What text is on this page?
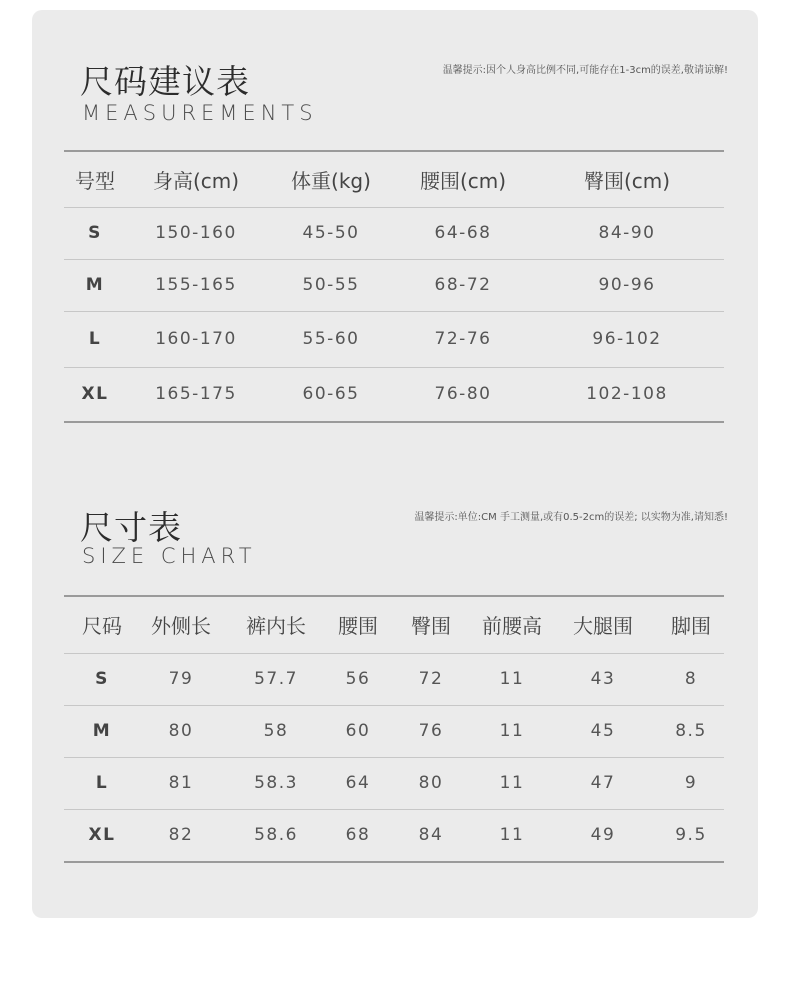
尺码建议表
MEASUREMENTS
温馨提示:因个人身高比例不同,可能存在1-3cm的误差,敬请谅解!
号型	身高(cm)	体重(kg)	腰围(cm)	臀围(cm)
S	150-160	45-50	64-68	84-90
M	155-165	50-55	68-72	90-96
L	160-170	55-60	72-76	96-102
XL	165-175	60-65	76-80	102-108
尺寸表
SIZE CHART
温馨提示:单位:CM 手工测量,或有0.5-2cm的误差; 以实物为准,请知悉!
尺码	外侧长	裤内长	腰围	臀围	前腰高	大腿围	脚围
S	79	57.7	56	72	11	43	8
M	80	58	60	76	11	45	8.5
L	81	58.3	64	80	11	47	9
XL	82	58.6	68	84	11	49	9.5
